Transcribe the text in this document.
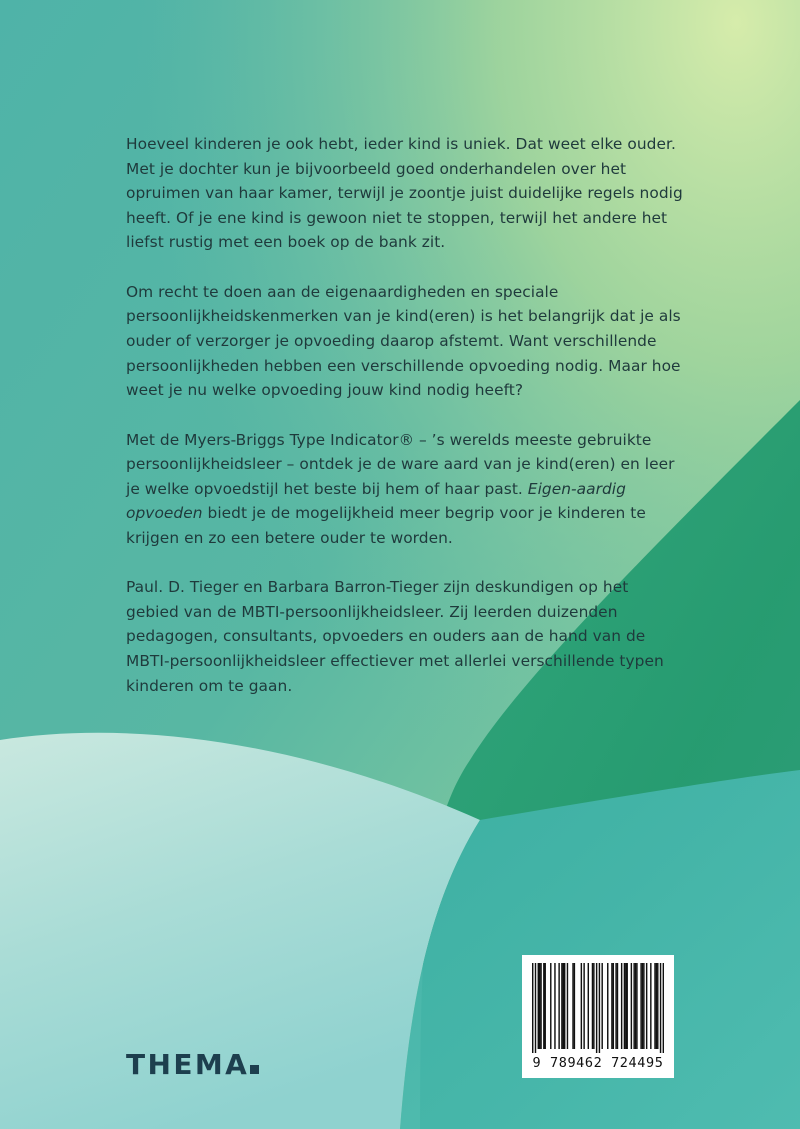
Hoeveel kinderen je ook hebt, ieder kind is uniek. Dat weet elke ouder. Met je dochter kun je bijvoorbeeld goed onderhandelen over het opruimen van haar kamer, terwijl je zoontje juist duidelijke regels nodig heeft. Of je ene kind is gewoon niet te stoppen, terwijl het andere het liefst rustig met een boek op de bank zit.

Om recht te doen aan de eigenaardigheden en speciale persoonlijkheidskenmerken van je kind(eren) is het belangrijk dat je als ouder of verzorger je opvoeding daarop afstemt. Want verschillende persoonlijkheden hebben een verschillende opvoeding nodig. Maar hoe weet je nu welke opvoeding jouw kind nodig heeft?

Met de Myers-Briggs Type Indicator® – ’s werelds meeste gebruikte persoonlijkheidsleer – ontdek je de ware aard van je kind(eren) en leer je welke opvoedstijl het beste bij hem of haar past. Eigen-aardig opvoeden biedt je de mogelijkheid meer begrip voor je kinderen te krijgen en zo een betere ouder te worden.

Paul. D. Tieger en Barbara Barron-Tieger zijn deskundigen op het gebied van de MBTI-persoonlijkheidsleer. Zij leerden duizenden pedagogen, consultants, opvoeders en ouders aan de hand van de MBTI-persoonlijkheidsleer effectiever met allerlei verschillende typen kinderen om te gaan.

THEMA	9 789462 724495
